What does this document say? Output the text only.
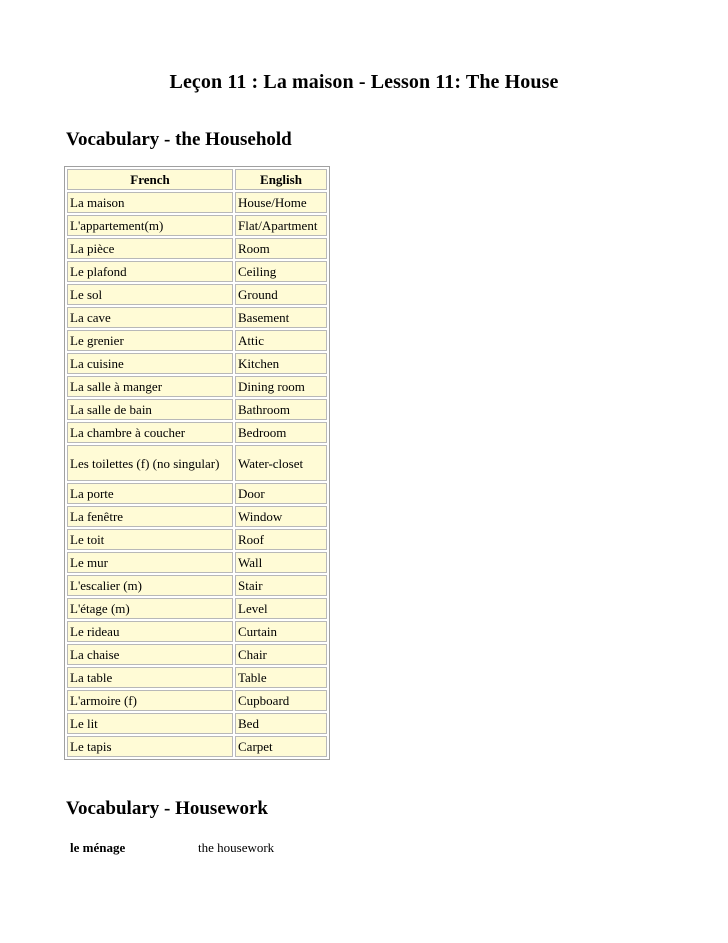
Leçon 11 : La maison - Lesson 11: The House
Vocabulary - the Household
French	English
La maison	House/Home
L'appartement(m)	Flat/Apartment
La pièce	Room
Le plafond	Ceiling
Le sol	Ground
La cave	Basement
Le grenier	Attic
La cuisine	Kitchen
La salle à manger	Dining room
La salle de bain	Bathroom
La chambre à coucher	Bedroom
Les toilettes (f) (no singular)	Water-closet
La porte	Door
La fenêtre	Window
Le toit	Roof
Le mur	Wall
L'escalier (m)	Stair
L'étage (m)	Level
Le rideau	Curtain
La chaise	Chair
La table	Table
L'armoire (f)	Cupboard
Le lit	Bed
Le tapis	Carpet
Vocabulary - Housework
le ménage	the housework
